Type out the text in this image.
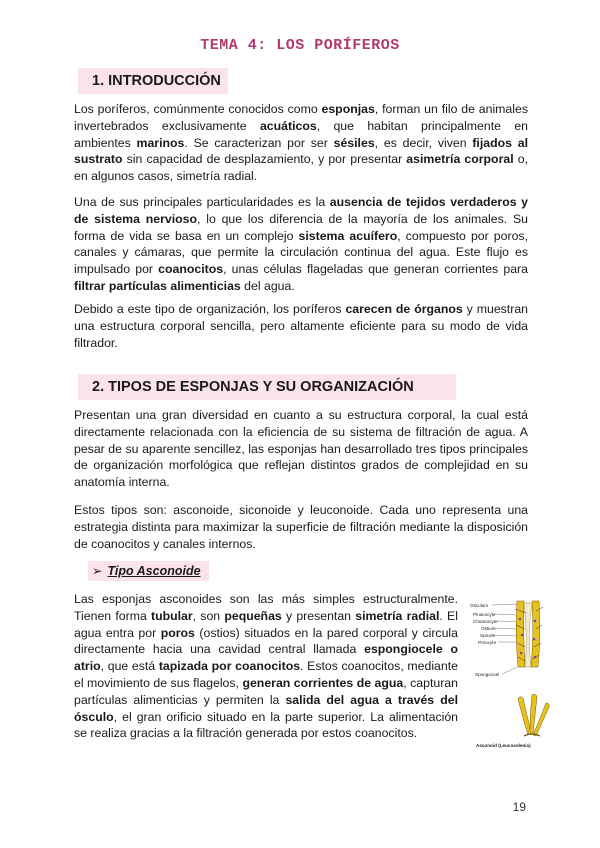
TEMA 4: LOS PORÍFEROS
1. INTRODUCCIÓN
Los poríferos, comúnmente conocidos como esponjas, forman un filo de animales invertebrados exclusivamente acuáticos, que habitan principalmente en ambientes marinos. Se caracterizan por ser sésiles, es decir, viven fijados al sustrato sin capacidad de desplazamiento, y por presentar asimetría corporal o, en algunos casos, simetría radial.
Una de sus principales particularidades es la ausencia de tejidos verdaderos y de sistema nervioso, lo que los diferencia de la mayoría de los animales. Su forma de vida se basa en un complejo sistema acuífero, compuesto por poros, canales y cámaras, que permite la circulación continua del agua. Este flujo es impulsado por coanocitos, unas células flageladas que generan corrientes para filtrar partículas alimenticias del agua.
Debido a este tipo de organización, los poríferos carecen de órganos y muestran una estructura corporal sencilla, pero altamente eficiente para su modo de vida filtrador.
2. TIPOS DE ESPONJAS Y SU ORGANIZACIÓN
Presentan una gran diversidad en cuanto a su estructura corporal, la cual está directamente relacionada con la eficiencia de su sistema de filtración de agua. A pesar de su aparente sencillez, las esponjas han desarrollado tres tipos principales de organización morfológica que reflejan distintos grados de complejidad en su anatomía interna.
Estos tipos son: asconoide, siconoide y leuconoide. Cada uno representa una estrategia distinta para maximizar la superficie de filtración mediante la disposición de coanocitos y canales internos.
➢ Tipo Asconoide
Las esponjas asconoides son las más simples estructuralmente. Tienen forma tubular, son pequeñas y presentan simetría radial. El agua entra por poros (ostios) situados en la pared corporal y circula directamente hacia una cavidad central llamada espongiocele o atrio, que está tapizada por coanocitos. Estos coanocitos, mediante el movimiento de sus flagelos, generan corrientes de agua, capturan partículas alimenticias y permiten la salida del agua a través del ósculo, el gran orificio situado en la parte superior. La alimentación se realiza gracias a la filtración generada por estos coanocitos.
Osculum
Pinacocyte
Choanocyte
Ostium
Spicule
Porocyte
Spongocoel
Asconoid (Leucosolenia)
19
